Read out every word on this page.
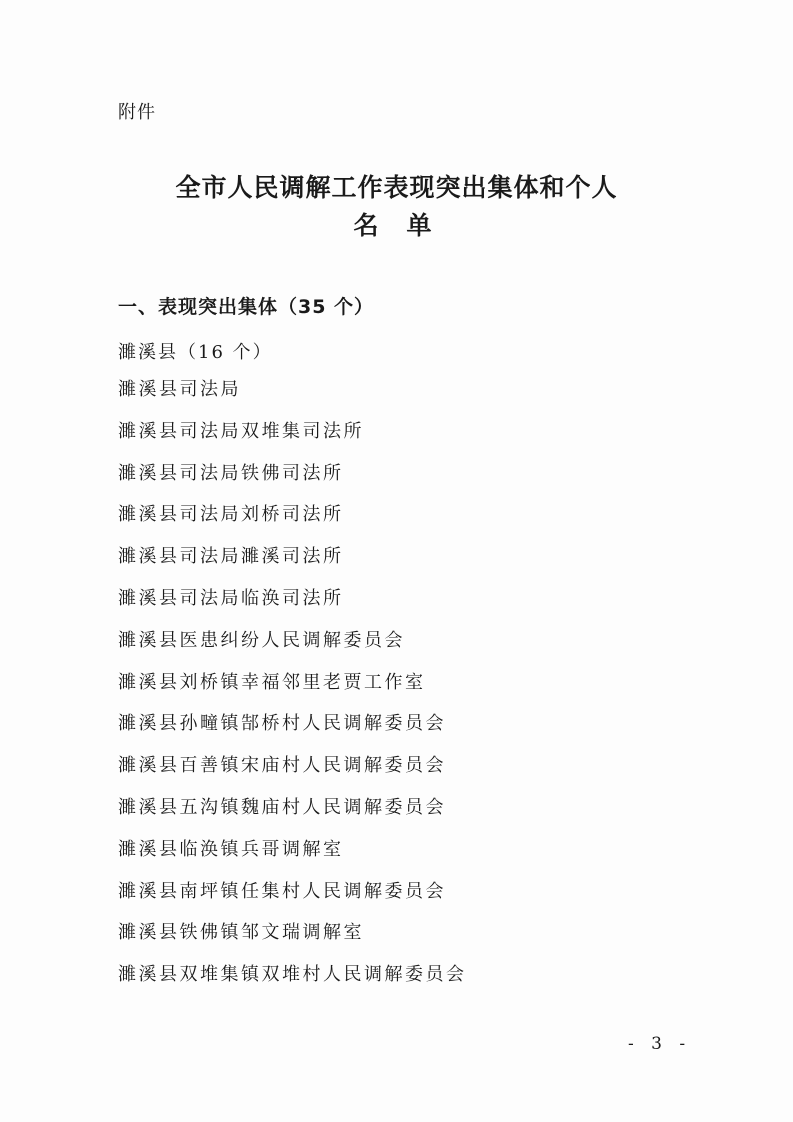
附件
全市人民调解工作表现突出集体和个人
名单
一、表现突出集体（35 个）
濉溪县（16 个）
濉溪县司法局
濉溪县司法局双堆集司法所
濉溪县司法局铁佛司法所
濉溪县司法局刘桥司法所
濉溪县司法局濉溪司法所
濉溪县司法局临涣司法所
濉溪县医患纠纷人民调解委员会
濉溪县刘桥镇幸福邻里老贾工作室
濉溪县孙疃镇郜桥村人民调解委员会
濉溪县百善镇宋庙村人民调解委员会
濉溪县五沟镇魏庙村人民调解委员会
濉溪县临涣镇兵哥调解室
濉溪县南坪镇任集村人民调解委员会
濉溪县铁佛镇邹文瑞调解室
濉溪县双堆集镇双堆村人民调解委员会
- 3 -
